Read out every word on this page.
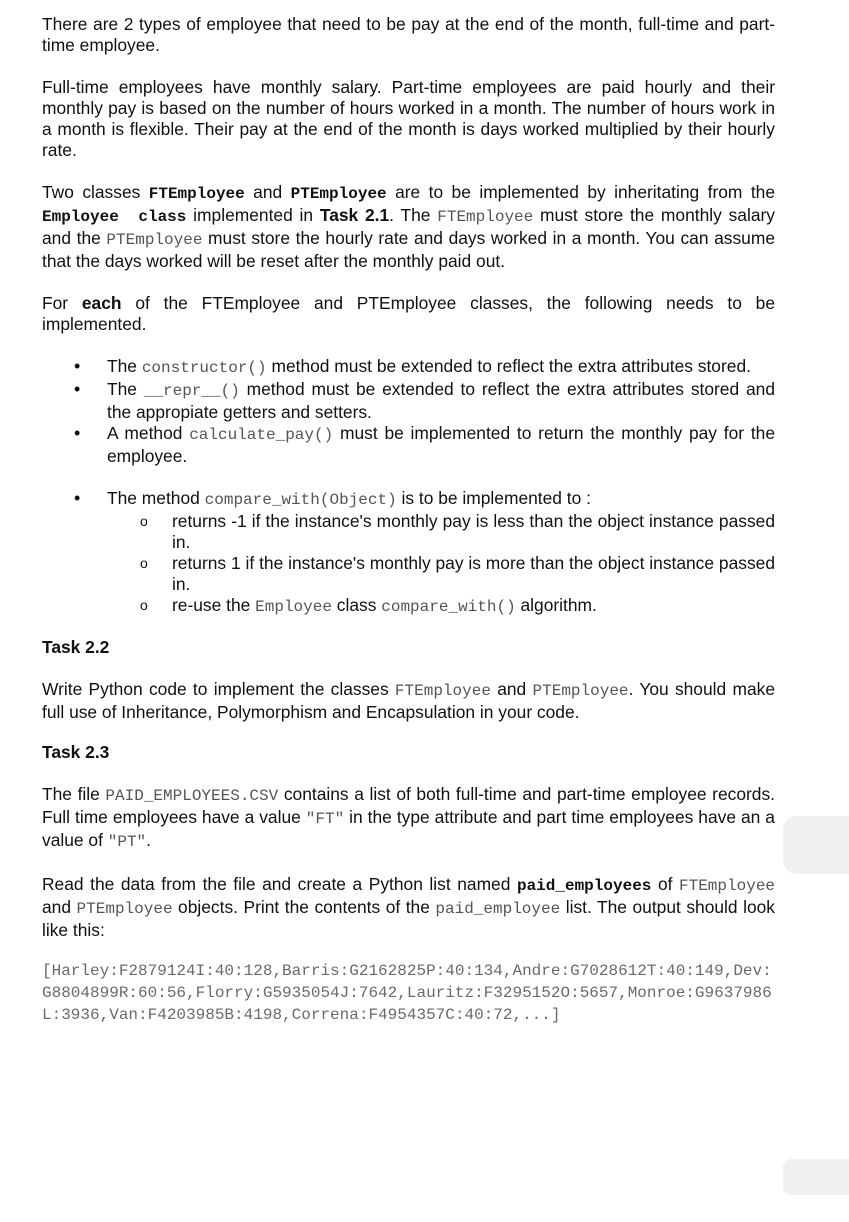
There are 2 types of employee that need to be pay at the end of the month, full-time and part-time employee.

Full-time employees have monthly salary. Part-time employees are paid hourly and their monthly pay is based on the number of hours worked in a month. The number of hours work in a month is flexible. Their pay at the end of the month is days worked multiplied by their hourly rate.

Two classes FTEmployee and PTEmployee are to be implemented by inheritating from the Employee class implemented in Task 2.1. The FTEmployee must store the monthly salary and the PTEmployee must store the hourly rate and days worked in a month. You can assume that the days worked will be reset after the monthly paid out.

For each of the FTEmployee and PTEmployee classes, the following needs to be implemented.

• The constructor() method must be extended to reflect the extra attributes stored.
• The __repr__() method must be extended to reflect the extra attributes stored and the appropiate getters and setters.
• A method calculate_pay() must be implemented to return the monthly pay for the employee.
• The method compare_with(Object) is to be implemented to :
o returns -1 if the instance's monthly pay is less than the object instance passed in.
o returns 1 if the instance's monthly pay is more than the object instance passed in.
o re-use the Employee class compare_with() algorithm.
Task 2.2

Write Python code to implement the classes FTEmployee and PTEmployee. You should make full use of Inheritance, Polymorphism and Encapsulation in your code.

Task 2.3

The file PAID_EMPLOYEES.CSV contains a list of both full-time and part-time employee records. Full time employees have a value "FT" in the type attribute and part time employees have an a value of "PT".

Read the data from the file and create a Python list named paid_employees of FTEmployee and PTEmployee objects. Print the contents of the paid_employee list. The output should look like this:

[Harley:F2879124I:40:128,Barris:G2162825P:40:134,Andre:G7028612T:40:149,Dev:G8804899R:60:56,Florry:G5935054J:7642,Lauritz:F3295152O:5657,Monroe:G9637986L:3936,Van:F4203985B:4198,Correna:F4954357C:40:72,...]
